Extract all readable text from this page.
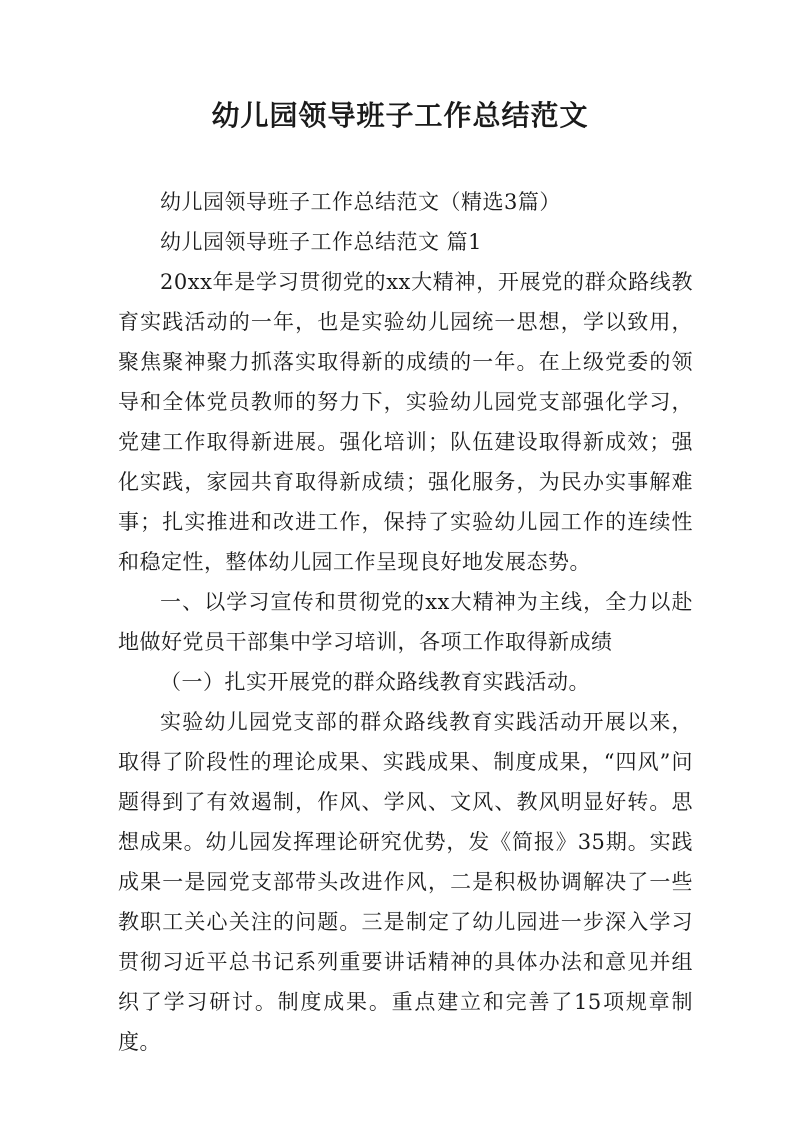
幼儿园领导班子工作总结范文

幼儿园领导班子工作总结范文（精选3篇）

幼儿园领导班子工作总结范文 篇1

20xx年是学习贯彻党的xx大精神，开展党的群众路线教育实践活动的一年，也是实验幼儿园统一思想，学以致用，聚焦聚神聚力抓落实取得新的成绩的一年。在上级党委的领导和全体党员教师的努力下，实验幼儿园党支部强化学习，党建工作取得新进展。强化培训；队伍建设取得新成效；强化实践，家园共育取得新成绩；强化服务，为民办实事解难事；扎实推进和改进工作，保持了实验幼儿园工作的连续性和稳定性，整体幼儿园工作呈现良好地发展态势。

一、以学习宣传和贯彻党的xx大精神为主线，全力以赴地做好党员干部集中学习培训，各项工作取得新成绩

（一）扎实开展党的群众路线教育实践活动。

实验幼儿园党支部的群众路线教育实践活动开展以来，取得了阶段性的理论成果、实践成果、制度成果，“四风”问题得到了有效遏制，作风、学风、文风、教风明显好转。思想成果。幼儿园发挥理论研究优势，发《简报》35期。实践成果一是园党支部带头改进作风，二是积极协调解决了一些教职工关心关注的问题。三是制定了幼儿园进一步深入学习贯彻习近平总书记系列重要讲话精神的具体办法和意见并组织了学习研讨。制度成果。重点建立和完善了15项规章制度。
